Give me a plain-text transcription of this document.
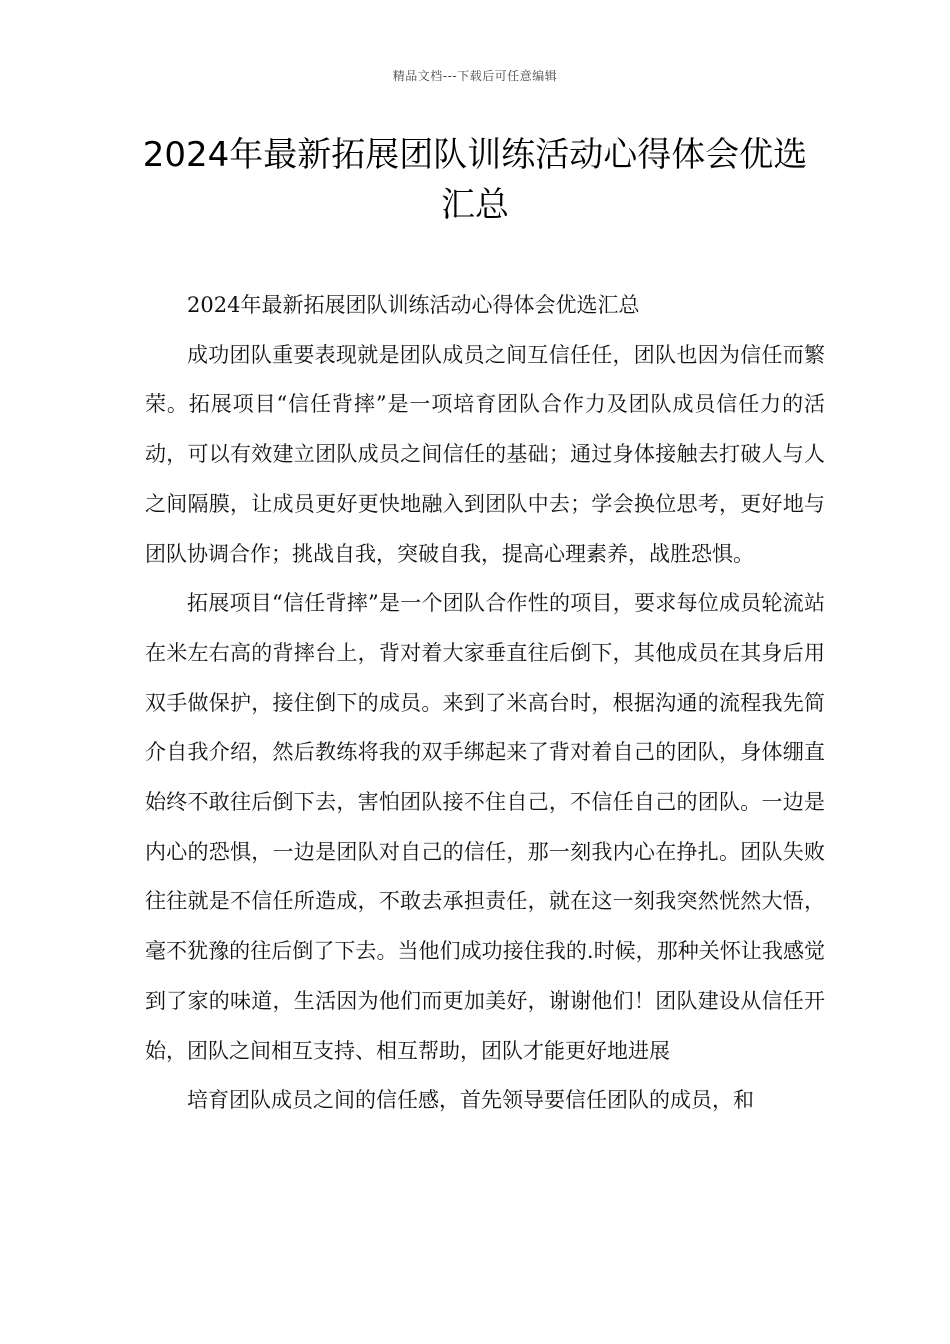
精品文档---下载后可任意编辑
2024年最新拓展团队训练活动心得体会优选汇总

2024年最新拓展团队训练活动心得体会优选汇总

成功团队重要表现就是团队成员之间互信任任，团队也因为信任而繁荣。拓展项目“信任背摔”是一项培育团队合作力及团队成员信任力的活动，可以有效建立团队成员之间信任的基础；通过身体接触去打破人与人之间隔膜，让成员更好更快地融入到团队中去；学会换位思考，更好地与团队协调合作；挑战自我，突破自我，提高心理素养，战胜恐惧。

拓展项目“信任背摔”是一个团队合作性的项目，要求每位成员轮流站在米左右高的背摔台上，背对着大家垂直往后倒下，其他成员在其身后用双手做保护，接住倒下的成员。来到了米高台时，根据沟通的流程我先简介自我介绍，然后教练将我的双手绑起来了背对着自己的团队，身体绷直始终不敢往后倒下去，害怕团队接不住自己，不信任自己的团队。一边是内心的恐惧，一边是团队对自己的信任，那一刻我内心在挣扎。团队失败往往就是不信任所造成，不敢去承担责任，就在这一刻我突然恍然大悟，毫不犹豫的往后倒了下去。当他们成功接住我的.时候，那种关怀让我感觉到了家的味道，生活因为他们而更加美好，谢谢他们！团队建设从信任开始，团队之间相互支持、相互帮助，团队才能更好地进展

培育团队成员之间的信任感，首先领导要信任团队的成员，和
